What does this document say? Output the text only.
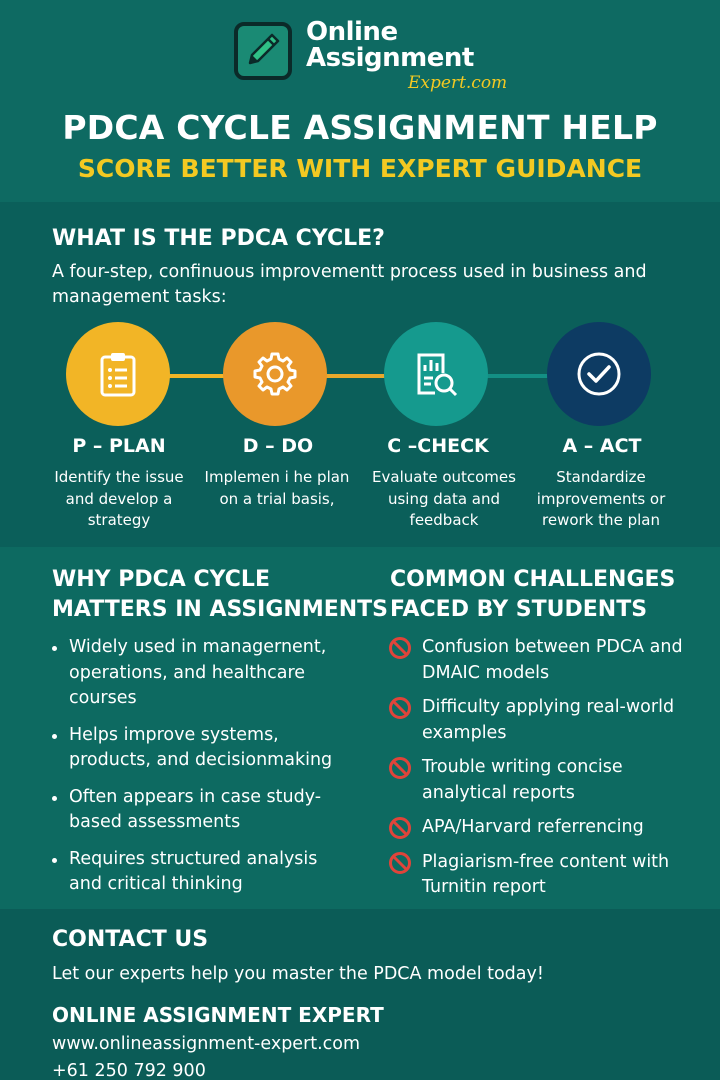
Online
Assignment
Expert.com
PDCA CYCLE ASSIGNMENT HELP
SCORE BETTER WITH EXPERT GUIDANCE
WHAT IS THE PDCA CYCLE?
A four-step, confinuous improvementt process used in business and management tasks:
P – PLAN	D – DO	C –CHECK	A – ACT
Identify the issue and develop a strategy
Implemen i he plan on a trial basis,
Evaluate outcomes using data and feedback
Standardize improvements or rework the plan
WHY PDCA CYCLE
MATTERS IN ASSIGNMENTS
Widely used in managernent, operations, and healthcare courses
Helps improve systems, products, and decisionmaking
Often appears in case study-based assessments
Requires structured analysis and critical thinking
COMMON CHALLENGES
FACED BY STUDENTS
Confusion between PDCA and DMAIC models
Difficulty applying real-world examples
Trouble writing concise analytical reports
APA/Harvard referrencing
Plagiarism-free content with Turnitin report
CONTACT US
Let our experts help you master the PDCA model today!
ONLINE ASSIGNMENT EXPERT
www.onlineassignment-expert.com
+61 250 792 900
